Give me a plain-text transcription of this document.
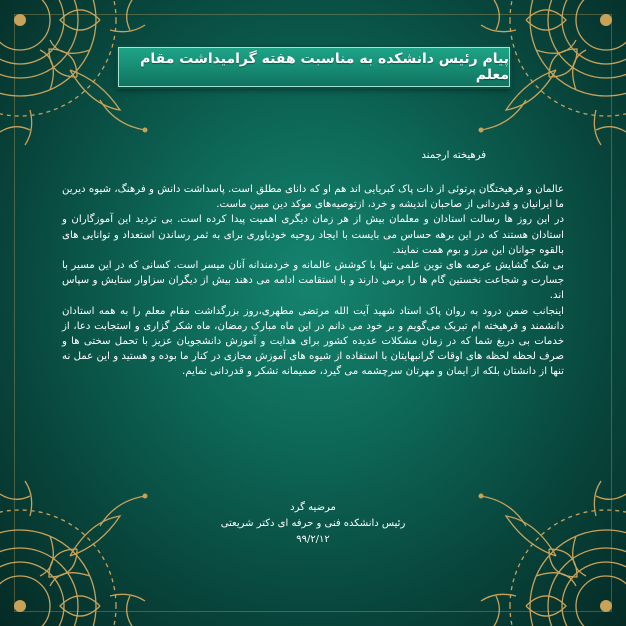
پیام رئیس دانشکده به مناسبت هفته گرامیداشت مقام معلم
فرهیخته ارجمند

عالمان و فرهیختگان پرتوئی از ذات پاک کبریایی اند هم او که دانای مطلق است. پاسداشت دانش و فرهنگ، شیوه دیرین ما ایرانیان و قدردانی از صاحبان اندیشه و خرد، ازتوصیه‌های موکد دین مبین ماست.

در این روز ها رسالت استادان و معلمان بیش از هر زمان دیگری اهمیت پیدا کرده است. بی تردید این آموزگاران و استادان هستند که در این برهه حساس می بایست با ایجاد روحیه خودباوری برای به ثمر رساندن استعداد و توانایی های بالقوه جوانان این مرز و بوم همت نمایند.

بی شک گشایش عرصه های نوین علمی تنها با کوشش عالمانه و خردمندانه آنان میسر است. کسانی که در این مسیر با جسارت و شجاعت نخستین گام ها را برمی دارند و با استقامت ادامه می دهند بیش از دیگران سزاوار ستایش و سپاس اند.

اینجانب ضمن درود به روان پاک استاد شهید آیت الله مرتضی مطهری،روز بزرگداشت مقام معلم را به همه استادان دانشمند و فرهیخته ام تبریک می‌گویم و بر خود می دانم در این ماه مبارک رمضان، ماه شکر گزاری و استجابت دعا، از خدمات بی دریغ شما که در زمان مشکلات عدیده کشور برای هدایت و آموزش دانشجویان عزیز با تحمل سختی ها و صرف لحظه لحظه های اوقات گرانبهایتان با استفاده از شیوه های آموزش مجازی در کنار ما بوده و هستید و این عمل نه تنها از دانشتان بلکه از ایمان و مهرتان سرچشمه می گیرد، صمیمانه تشکر و قدردانی نمایم.

مرضیه گرد
رئیس دانشکده فنی و حرفه ای دکتر شریعتی
۹۹/۲/۱۲
